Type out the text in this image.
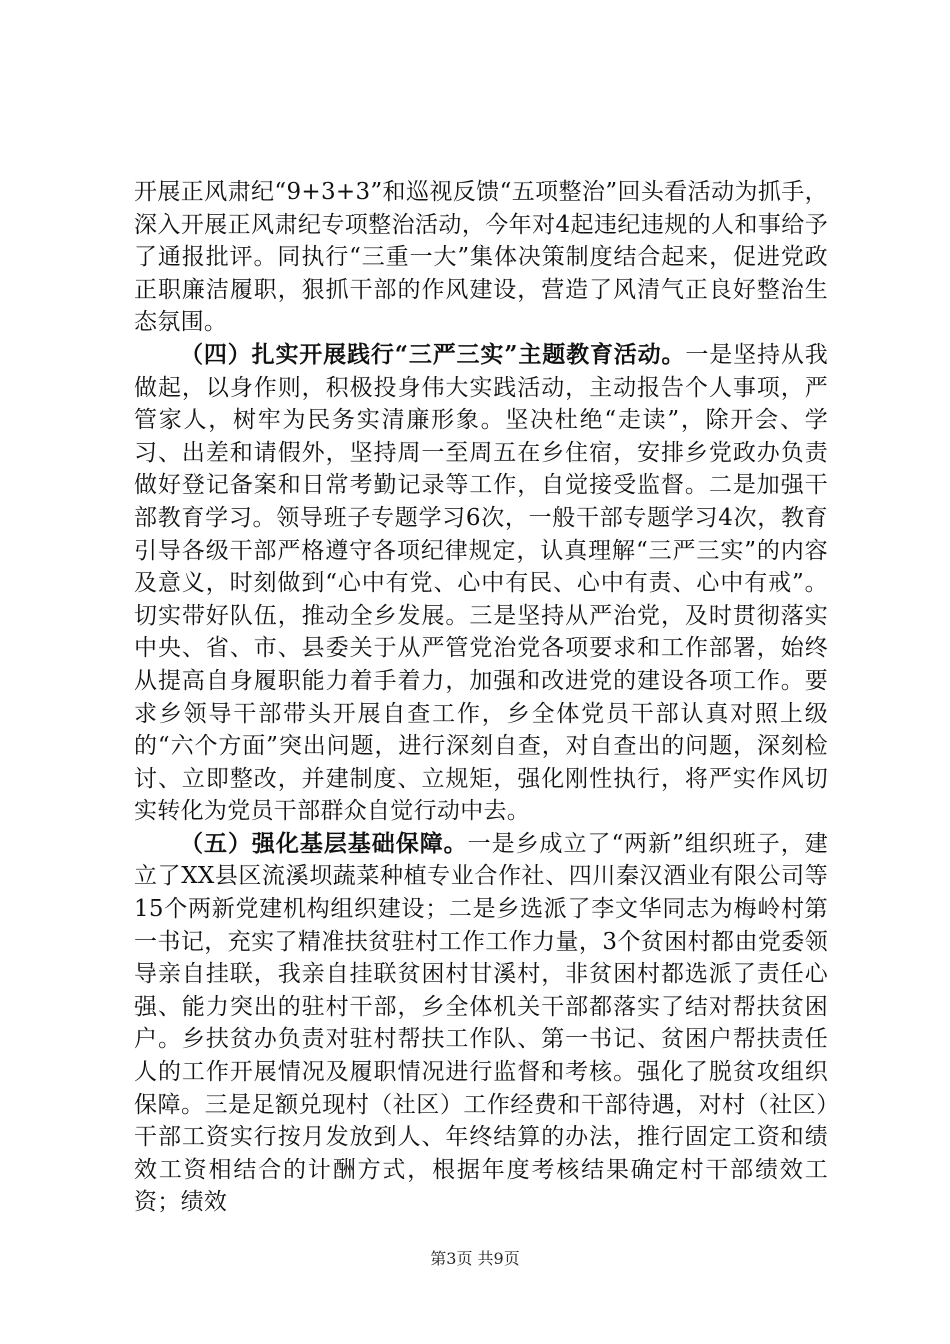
开展正风肃纪“9+3+3”和巡视反馈“五项整治”回头看活动为抓手，深入开展正风肃纪专项整治活动，今年对4起违纪违规的人和事给予了通报批评。同执行“三重一大”集体决策制度结合起来，促进党政正职廉洁履职，狠抓干部的作风建设，营造了风清气正良好整治生态氛围。

（四）扎实开展践行“三严三实”主题教育活动。一是坚持从我做起，以身作则，积极投身伟大实践活动，主动报告个人事项，严管家人，树牢为民务实清廉形象。坚决杜绝“走读”，除开会、学习、出差和请假外，坚持周一至周五在乡住宿，安排乡党政办负责做好登记备案和日常考勤记录等工作，自觉接受监督。二是加强干部教育学习。领导班子专题学习6次，一般干部专题学习4次，教育引导各级干部严格遵守各项纪律规定，认真理解“三严三实”的内容及意义，时刻做到“心中有党、心中有民、心中有责、心中有戒”。切实带好队伍，推动全乡发展。三是坚持从严治党，及时贯彻落实中央、省、市、县委关于从严管党治党各项要求和工作部署，始终从提高自身履职能力着手着力，加强和改进党的建设各项工作。要求乡领导干部带头开展自查工作，乡全体党员干部认真对照上级的“六个方面”突出问题，进行深刻自查，对自查出的问题，深刻检讨、立即整改，并建制度、立规矩，强化刚性执行，将严实作风切实转化为党员干部群众自觉行动中去。

（五）强化基层基础保障。一是乡成立了“两新”组织班子，建立了XX县区流溪坝蔬菜种植专业合作社、四川秦汉酒业有限公司等15个两新党建机构组织建设；二是乡选派了李文华同志为梅岭村第一书记，充实了精准扶贫驻村工作工作力量，3个贫困村都由党委领导亲自挂联，我亲自挂联贫困村甘溪村，非贫困村都选派了责任心强、能力突出的驻村干部，乡全体机关干部都落实了结对帮扶贫困户。乡扶贫办负责对驻村帮扶工作队、第一书记、贫困户帮扶责任人的工作开展情况及履职情况进行监督和考核。强化了脱贫攻组织保障。三是足额兑现村（社区）工作经费和干部待遇，对村（社区）干部工资实行按月发放到人、年终结算的办法，推行固定工资和绩效工资相结合的计酬方式，根据年度考核结果确定村干部绩效工资；绩效

第3页 共9页
